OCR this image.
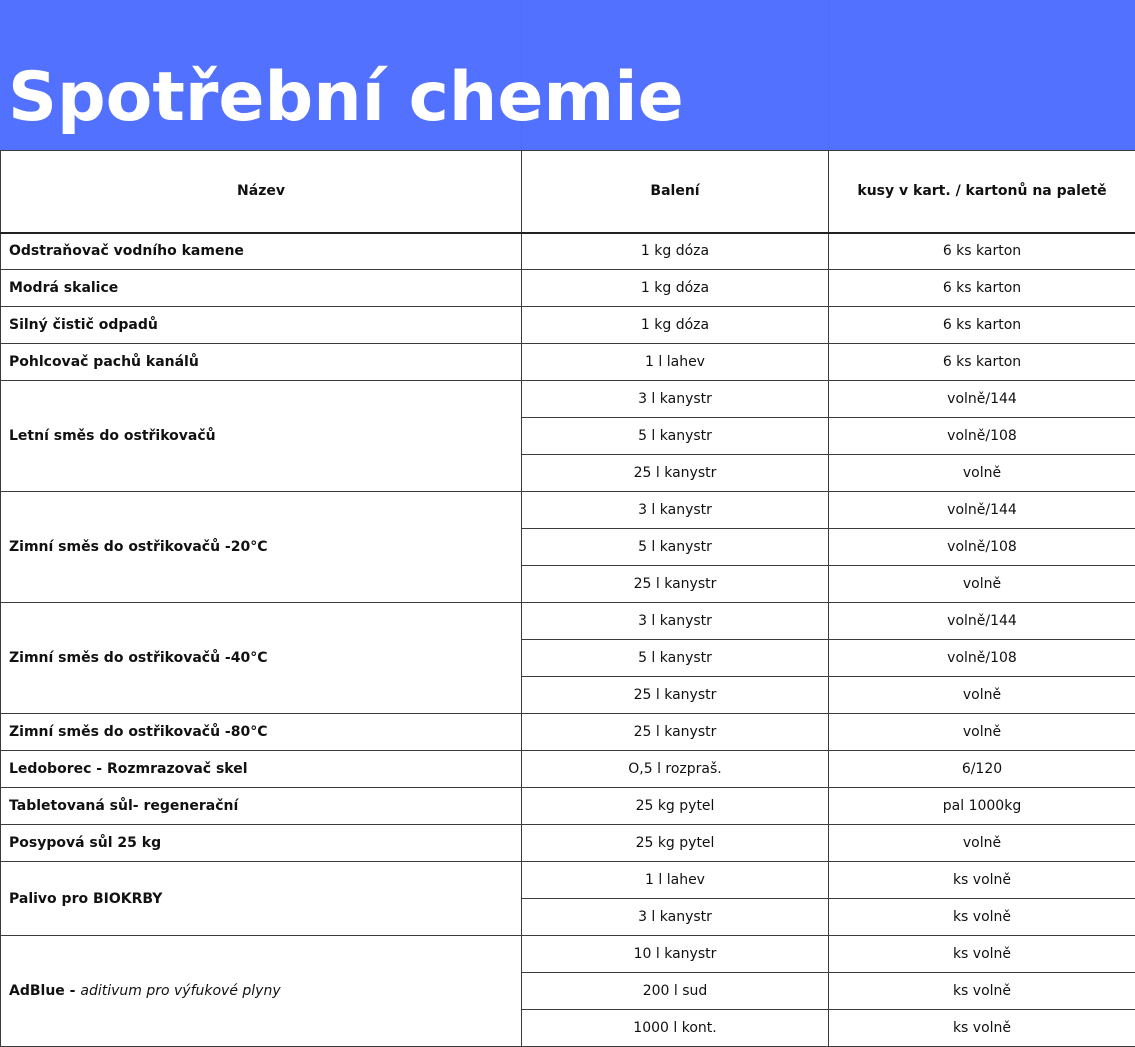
Spotřební chemie
Název	Balení	kusy v kart. / kartonů na paletě
Odstraňovač vodního kamene	1 kg dóza	6 ks karton
Modrá skalice	1 kg dóza	6 ks karton
Silný čistič odpadů	1 kg dóza	6 ks karton
Pohlcovač pachů kanálů	1 l lahev	6 ks karton
Letní směs do ostřikovačů	3 l kanystr	volně/144
	5 l kanystr	volně/108
	25 l kanystr	volně
Zimní směs do ostřikovačů -20°C	3 l kanystr	volně/144
	5 l kanystr	volně/108
	25 l kanystr	volně
Zimní směs do ostřikovačů -40°C	3 l kanystr	volně/144
	5 l kanystr	volně/108
	25 l kanystr	volně
Zimní směs do ostřikovačů -80°C	25 l kanystr	volně
Ledoborec - Rozmrazovač skel	O,5 l rozpraš.	6/120
Tabletovaná sůl- regenerační	25 kg pytel	pal 1000kg
Posypová sůl 25 kg	25 kg pytel	volně
Palivo pro BIOKRBY	1 l lahev	ks volně
	3 l kanystr	ks volně
AdBlue - aditivum pro výfukové plyny	10 l kanystr	ks volně
	200 l sud	ks volně
	1000 l kont.	ks volně
